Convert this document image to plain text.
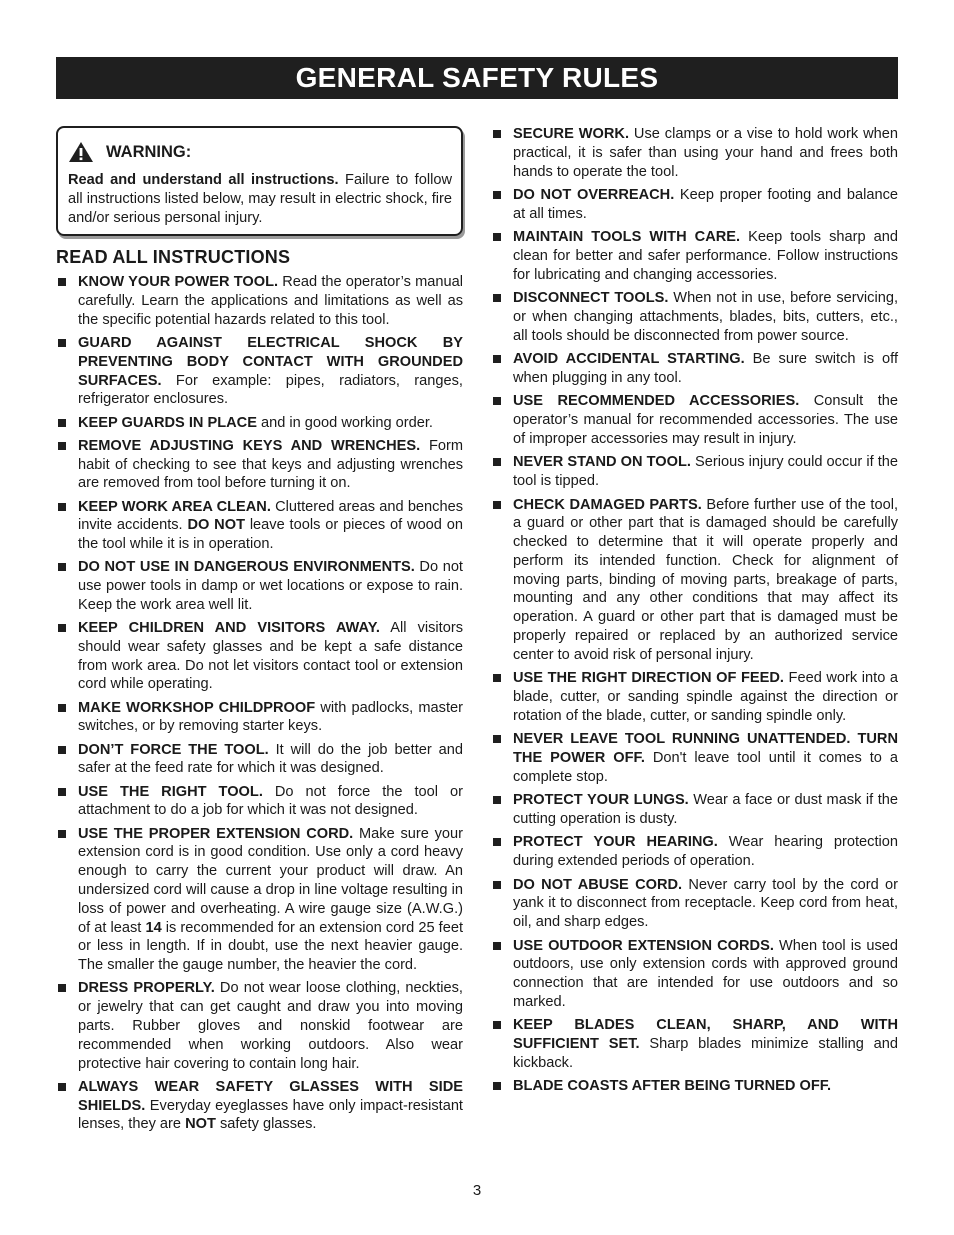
GENERAL SAFETY RULES
WARNING:
Read and understand all instructions. Failure to follow all instructions listed below, may result in electric shock, fire and/or serious personal injury.
READ ALL INSTRUCTIONS
KNOW YOUR POWER TOOL. Read the operator’s manual carefully. Learn the applications and limitations as well as the specific potential hazards related to this tool.
GUARD AGAINST ELECTRICAL SHOCK BY PREVENTING BODY CONTACT WITH GROUNDED SURFACES. For example: pipes, radiators, ranges, refrigerator enclosures.
KEEP GUARDS IN PLACE and in good working order.
REMOVE ADJUSTING KEYS AND WRENCHES. Form habit of checking to see that keys and adjusting wrenches are removed from tool before turning it on.
KEEP WORK AREA CLEAN. Cluttered areas and benches invite accidents. DO NOT leave tools or pieces of wood on the tool while it is in operation.
DO NOT USE IN DANGEROUS ENVIRONMENTS. Do not use power tools in damp or wet locations or expose to rain. Keep the work area well lit.
KEEP CHILDREN AND VISITORS AWAY. All visitors should wear safety glasses and be kept a safe distance from work area. Do not let visitors contact tool or extension cord while operating.
MAKE WORKSHOP CHILDPROOF with padlocks, master switches, or by removing starter keys.
DON’T FORCE THE TOOL. It will do the job better and safer at the feed rate for which it was designed.
USE THE RIGHT TOOL. Do not force the tool or attachment to do a job for which it was not designed.
USE THE PROPER EXTENSION CORD. Make sure your extension cord is in good condition. Use only a cord heavy enough to carry the current your product will draw. An undersized cord will cause a drop in line voltage resulting in loss of power and overheating. A wire gauge size (A.W.G.) of at least 14 is recommended for an extension cord 25 feet or less in length. If in doubt, use the next heavier gauge. The smaller the gauge number, the heavier the cord.
DRESS PROPERLY. Do not wear loose clothing, neckties, or jewelry that can get caught and draw you into moving parts. Rubber gloves and nonskid footwear are recommended when working outdoors. Also wear protective hair covering to contain long hair.
ALWAYS WEAR SAFETY GLASSES WITH SIDE SHIELDS. Everyday eyeglasses have only impact-resistant lenses, they are NOT safety glasses.
SECURE WORK. Use clamps or a vise to hold work when practical, it is safer than using your hand and frees both hands to operate the tool.
DO NOT OVERREACH. Keep proper footing and balance at all times.
MAINTAIN TOOLS WITH CARE. Keep tools sharp and clean for better and safer performance. Follow instructions for lubricating and changing accessories.
DISCONNECT TOOLS. When not in use, before servicing, or when changing attachments, blades, bits, cutters, etc., all tools should be disconnected from power source.
AVOID ACCIDENTAL STARTING. Be sure switch is off when plugging in any tool.
USE RECOMMENDED ACCESSORIES. Consult the operator’s manual for recommended accessories. The use of improper accessories may result in injury.
NEVER STAND ON TOOL. Serious injury could occur if the tool is tipped.
CHECK DAMAGED PARTS. Before further use of the tool, a guard or other part that is damaged should be carefully checked to determine that it will operate properly and perform its intended function. Check for alignment of moving parts, binding of moving parts, breakage of parts, mounting and any other conditions that may affect its operation. A guard or other part that is damaged must be properly repaired or replaced by an authorized service center to avoid risk of personal injury.
USE THE RIGHT DIRECTION OF FEED. Feed work into a blade, cutter, or sanding spindle against the direction or rotation of the blade, cutter, or sanding spindle only.
NEVER LEAVE TOOL RUNNING UNATTENDED. TURN THE POWER OFF. Don't leave tool until it comes to a complete stop.
PROTECT YOUR LUNGS. Wear a face or dust mask if the cutting operation is dusty.
PROTECT YOUR HEARING. Wear hearing protection during extended periods of operation.
DO NOT ABUSE CORD. Never carry tool by the cord or yank it to disconnect from receptacle. Keep cord from heat, oil, and sharp edges.
USE OUTDOOR EXTENSION CORDS. When tool is used outdoors, use only extension cords with approved ground connection that are intended for use outdoors and so marked.
KEEP BLADES CLEAN, SHARP, AND WITH SUFFICIENT SET. Sharp blades minimize stalling and kickback.
BLADE COASTS AFTER BEING TURNED OFF.
3
